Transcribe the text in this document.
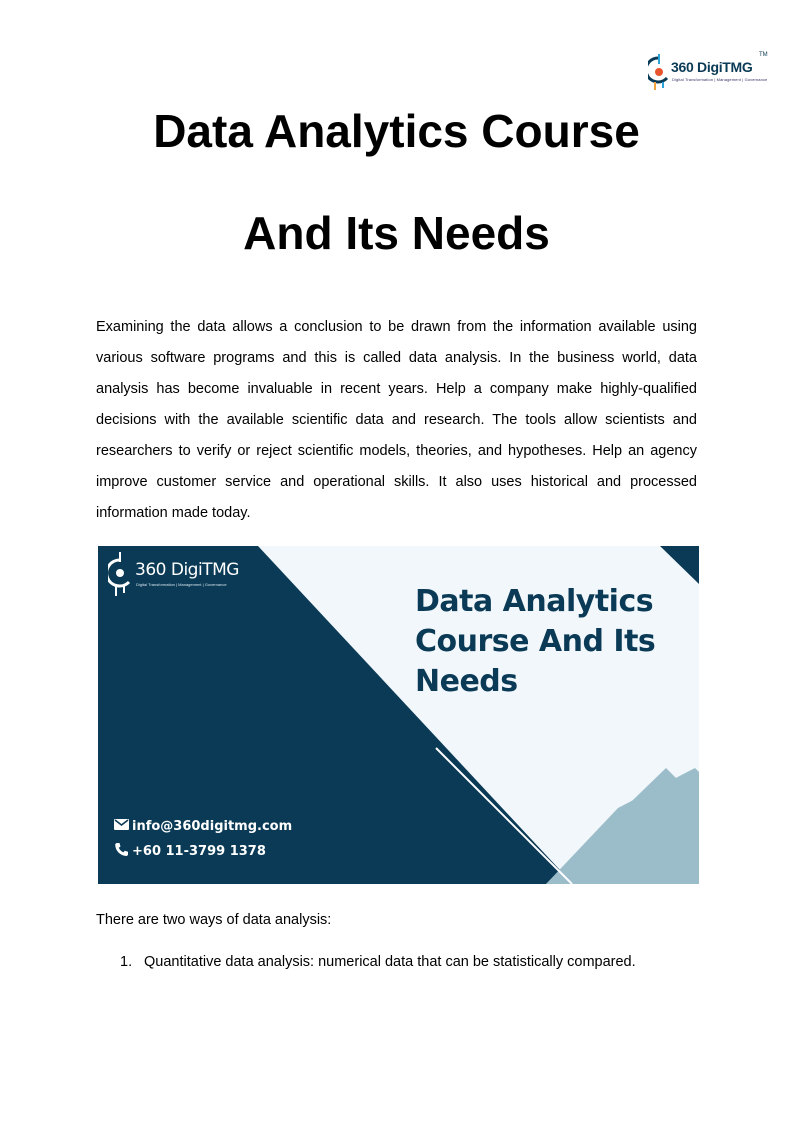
360 DigiTMG
TM
Digital Transformation | Management | Governance
Data Analytics Course
And Its Needs

Examining the data allows a conclusion to be drawn from the information available using various software programs and this is called data analysis. In the business world, data analysis has become invaluable in recent years. Help a company make highly-qualified decisions with the available scientific data and research. The tools allow scientists and researchers to verify or reject scientific models, theories, and hypotheses. Help an agency improve customer service and operational skills. It also uses historical and processed information made today.

360 DigiTMG
Digital Transformation | Management | Governance	Data Analytics Course And Its Needs

info@360digitmg.com
+60 11-3799 1378

There are two ways of data analysis:

1. Quantitative data analysis: numerical data that can be statistically compared.
